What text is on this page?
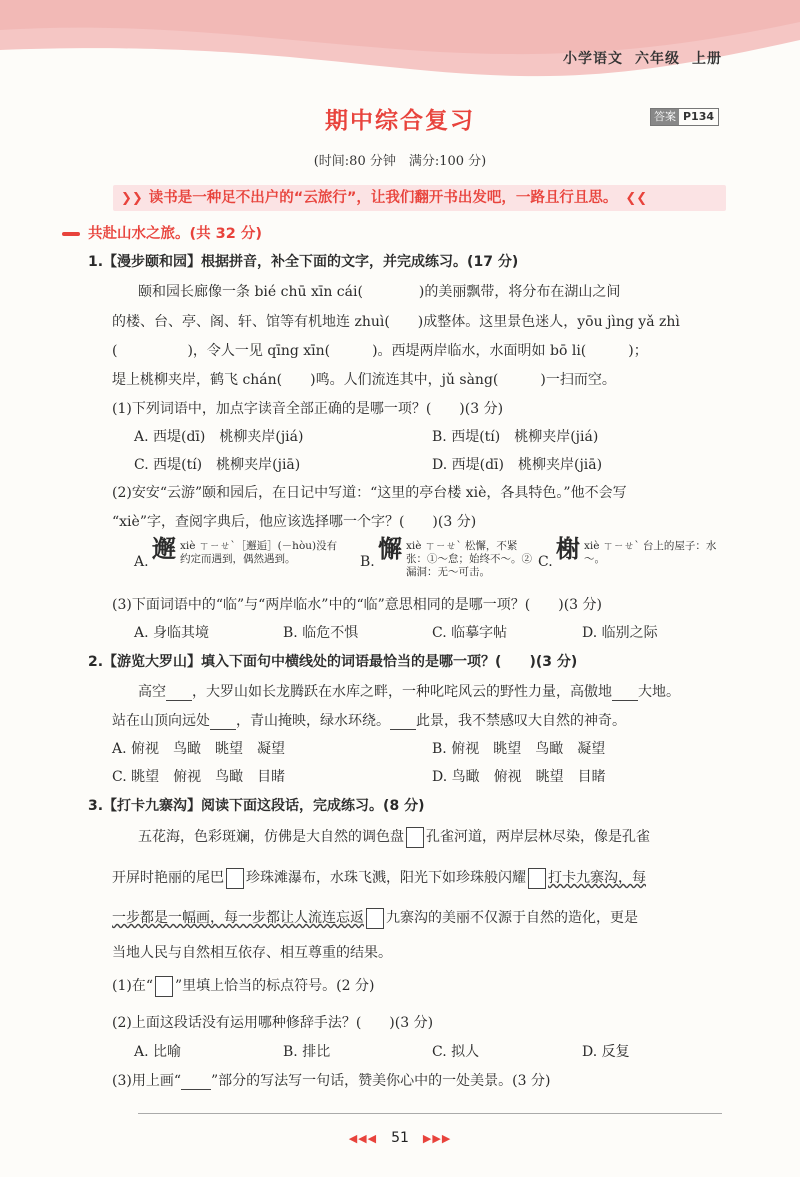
小学语文 六年级 上册
期中综合复习	答案 P134
(时间:80 分钟　满分:100 分)
❯❯ 读书是一种足不出户的“云旅行”，让我们翻开书出发吧，一路且行且思。 ❮❮
共赴山水之旅。(共 32 分)
1.【漫步颐和园】根据拼音，补全下面的文字，并完成练习。(17 分)
颐和园长廊像一条 bié chū xīn cái(　　　　)的美丽飘带，将分布在湖山之间
的楼、台、亭、阁、轩、馆等有机地连 zhuì(　　)成整体。这里景色迷人，yōu jìng yǎ zhì
(　　　　　)，令人一见 qīng xīn(　　　)。西堤两岸临水，水面明如 bō li(　　　)；
堤上桃柳夹岸，鹤飞 chán(　　)鸣。人们流连其中，jǔ sàng(　　　)一扫而空。
(1)下列词语中，加点字读音全部正确的是哪一项？(　　)(3 分)
A. 西堤(dī)　桃柳夹岸(jiá)	B. 西堤(tí)　桃柳夹岸(jiá)
C. 西堤(tí)　桃柳夹岸(jiā)	D. 西堤(dī)　桃柳夹岸(jiā)
(2)安安“云游”颐和园后，在日记中写道：“这里的亭台楼 xiè，各具特色。”他不会写
“xiè”字，查阅字典后，他应该选择哪一个字？(　　)(3 分)
A. 邂 xiè ㄒㄧㄝˋ［邂逅］(－hòu)没有约定而遇到，偶然遇到。	B. 懈 xiè ㄒㄧㄝˋ 松懈，不紧张：①～怠；始终不～。②漏洞：无～可击。
C. 榭 xiè ㄒㄧㄝˋ 台上的屋子：水～。
(3)下面词语中的“临”与“两岸临水”中的“临”意思相同的是哪一项？(　　)(3 分)
A. 身临其境	B. 临危不惧	C. 临摹字帖	D. 临别之际
2.【游览大罗山】填入下面句中横线处的词语最恰当的是哪一项？(　　)(3 分)
高空 ，大罗山如长龙腾跃在水库之畔，一种叱咤风云的野性力量，高傲地 大地。
站在山顶向远处 ，青山掩映，绿水环绕。 此景，我不禁感叹大自然的神奇。
A. 俯视　鸟瞰　眺望　凝望	B. 俯视　眺望　鸟瞰　凝望
C. 眺望　俯视　鸟瞰　目睹	D. 鸟瞰　俯视　眺望　目睹
3.【打卡九寨沟】阅读下面这段话，完成练习。(8 分)
五花海，色彩斑斓，仿佛是大自然的调色盘 孔雀河道，两岸层林尽染，像是孔雀
开屏时艳丽的尾巴 珍珠滩瀑布，水珠飞溅，阳光下如珍珠般闪耀 打卡九寨沟，每
一步都是一幅画，每一步都让人流连忘返 九寨沟的美丽不仅源于自然的造化，更是
当地人民与自然相互依存、相互尊重的结果。
(1)在“ ”里填上恰当的标点符号。(2 分)
(2)上面这段话没有运用哪种修辞手法？(　　)(3 分)
A. 比喻	B. 排比	C. 拟人	D. 反复
(3)用上画“ ”部分的写法写一句话，赞美你心中的一处美景。(3 分)
◀◀◀ 51 ▶▶▶
